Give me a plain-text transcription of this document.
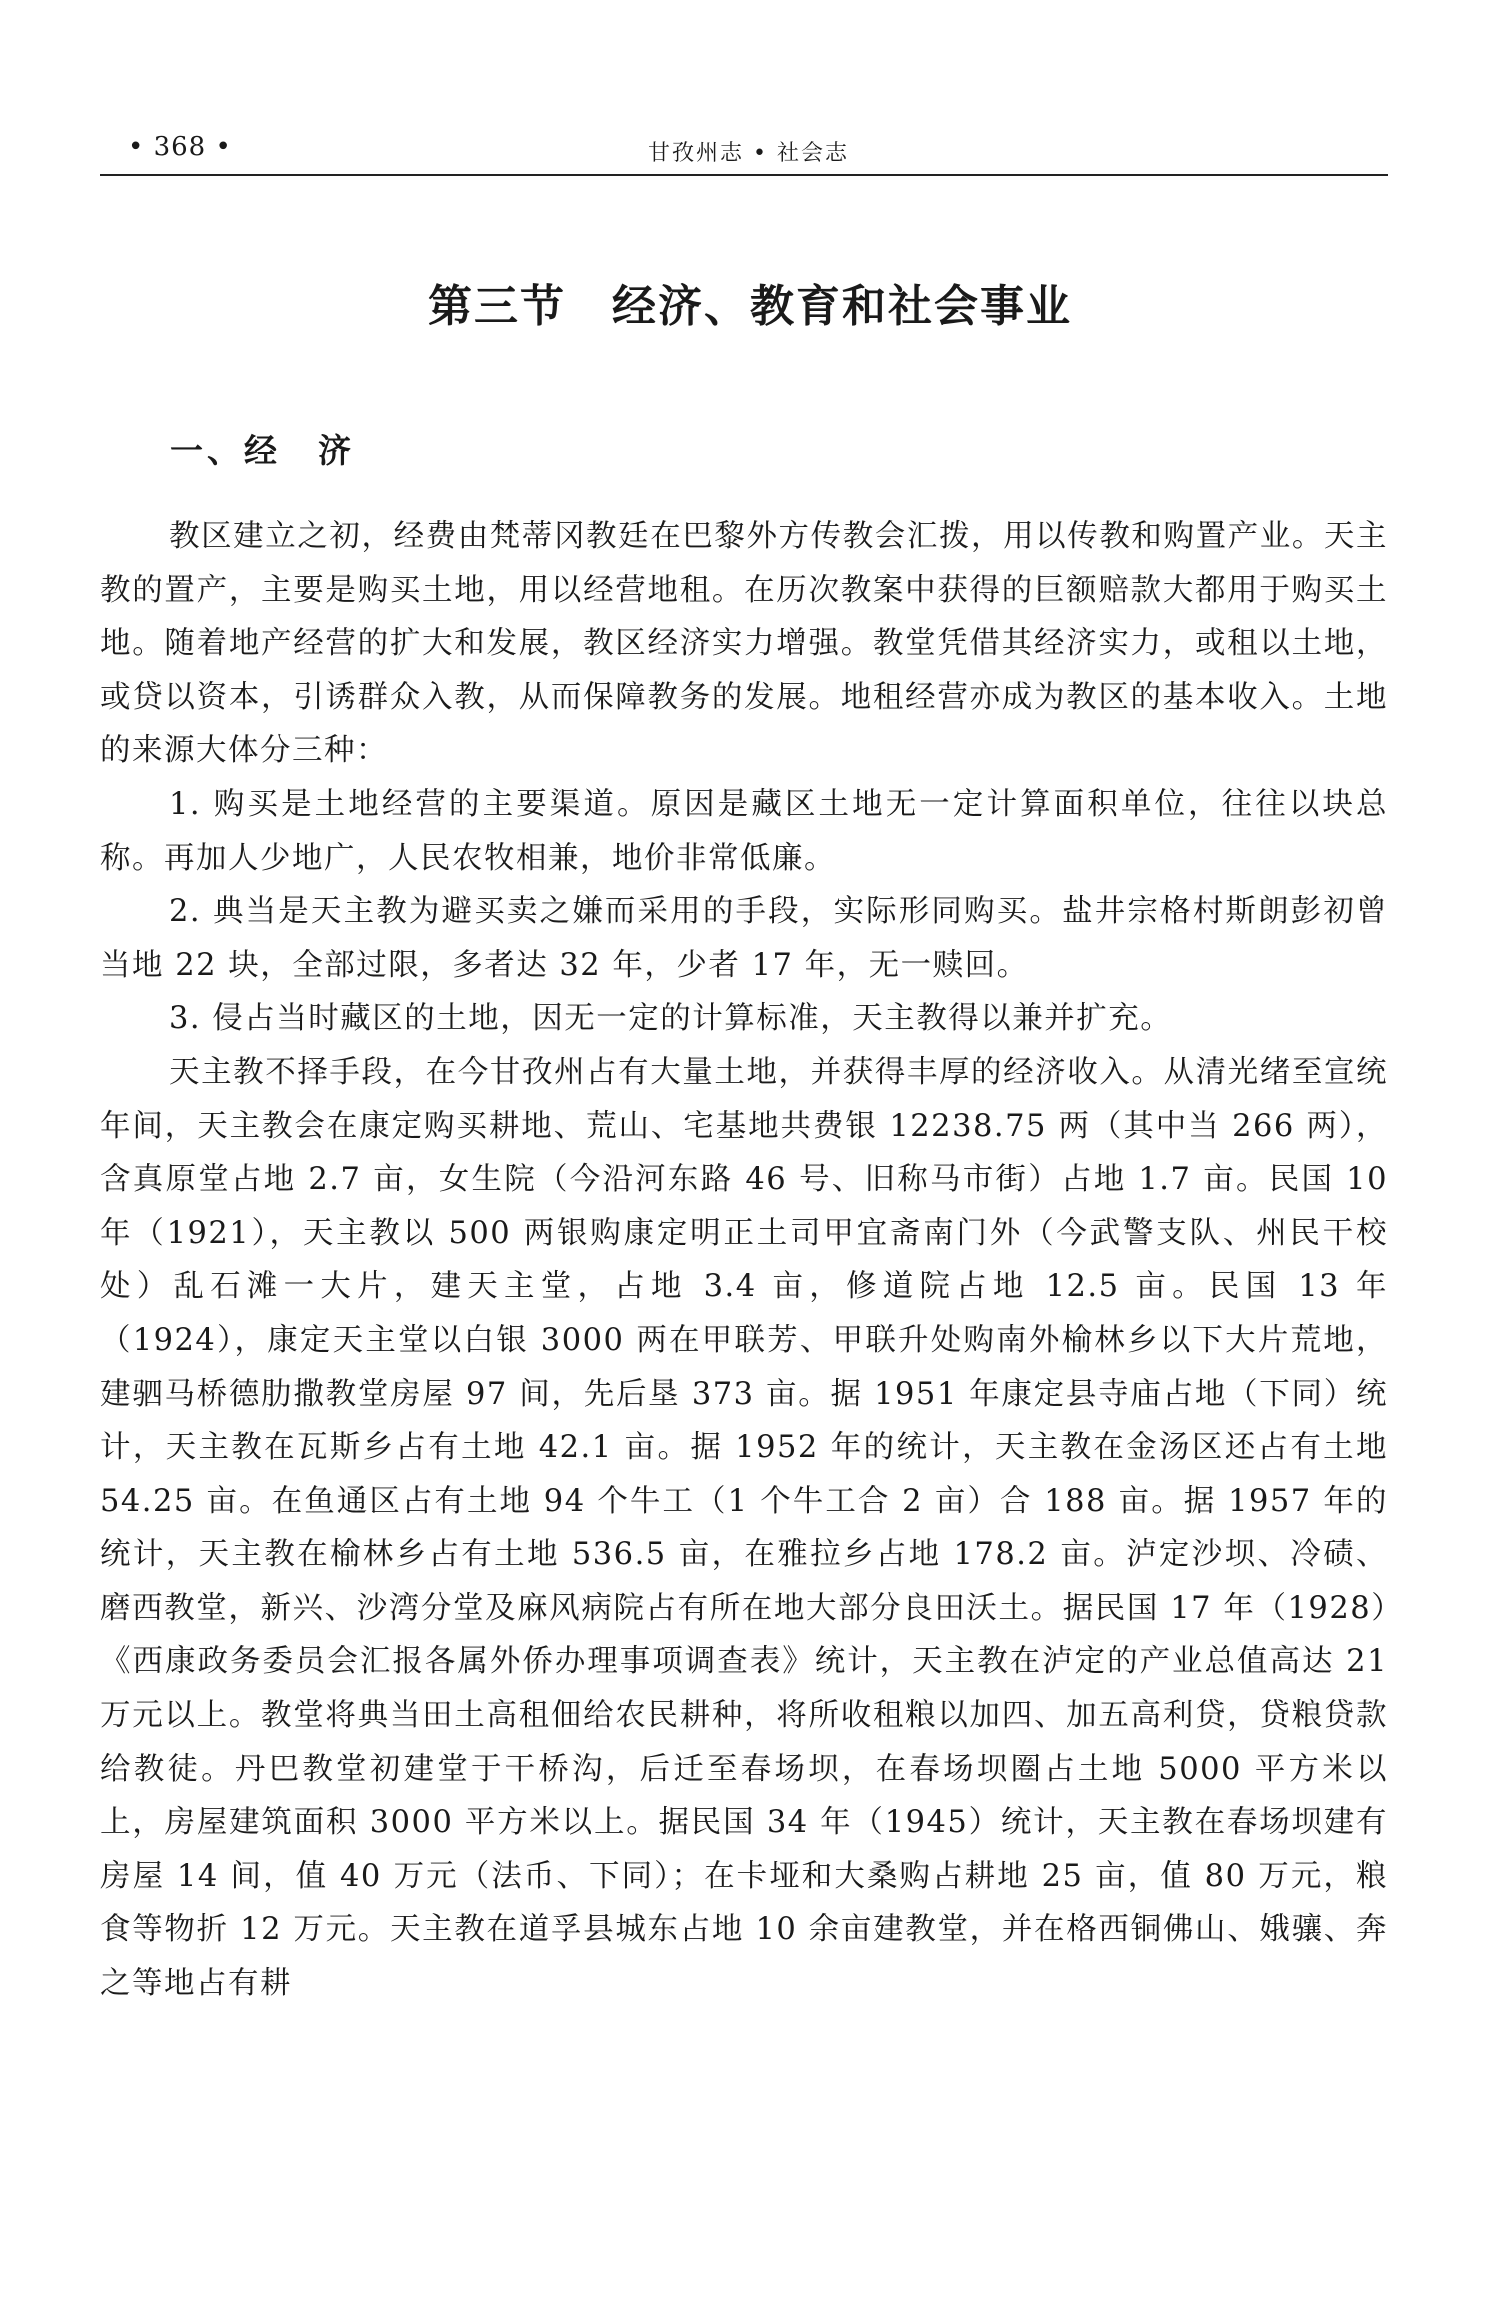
• 368 •	甘孜州志 • 社会志
第三节　经济、教育和社会事业
一、经　济

教区建立之初，经费由梵蒂冈教廷在巴黎外方传教会汇拨，用以传教和购置产业。天主教的置产，主要是购买土地，用以经营地租。在历次教案中获得的巨额赔款大都用于购买土地。随着地产经营的扩大和发展，教区经济实力增强。教堂凭借其经济实力，或租以土地，或贷以资本，引诱群众入教，从而保障教务的发展。地租经营亦成为教区的基本收入。土地的来源大体分三种：

1. 购买是土地经营的主要渠道。原因是藏区土地无一定计算面积单位，往往以块总称。再加人少地广，人民农牧相兼，地价非常低廉。

2. 典当是天主教为避买卖之嫌而采用的手段，实际形同购买。盐井宗格村斯朗彭初曾当地 22 块，全部过限，多者达 32 年，少者 17 年，无一赎回。

3. 侵占当时藏区的土地，因无一定的计算标准，天主教得以兼并扩充。

天主教不择手段，在今甘孜州占有大量土地，并获得丰厚的经济收入。从清光绪至宣统年间，天主教会在康定购买耕地、荒山、宅基地共费银 12238.75 两（其中当 266 两），含真原堂占地 2.7 亩，女生院（今沿河东路 46 号、旧称马市街）占地 1.7 亩。民国 10 年（1921），天主教以 500 两银购康定明正土司甲宜斋南门外（今武警支队、州民干校处）乱石滩一大片，建天主堂，占地 3.4 亩，修道院占地 12.5 亩。民国 13 年（1924），康定天主堂以白银 3000 两在甲联芳、甲联升处购南外榆林乡以下大片荒地，建驷马桥德肋撒教堂房屋 97 间，先后垦 373 亩。据 1951 年康定县寺庙占地（下同）统计，天主教在瓦斯乡占有土地 42.1 亩。据 1952 年的统计，天主教在金汤区还占有土地 54.25 亩。在鱼通区占有土地 94 个牛工（1 个牛工合 2 亩）合 188 亩。据 1957 年的统计，天主教在榆林乡占有土地 536.5 亩，在雅拉乡占地 178.2 亩。泸定沙坝、冷碛、磨西教堂，新兴、沙湾分堂及麻风病院占有所在地大部分良田沃土。据民国 17 年（1928）《西康政务委员会汇报各属外侨办理事项调查表》统计，天主教在泸定的产业总值高达 21 万元以上。教堂将典当田土高租佃给农民耕种，将所收租粮以加四、加五高利贷，贷粮贷款给教徒。丹巴教堂初建堂于干桥沟，后迁至春场坝，在春场坝圈占土地 5000 平方米以上，房屋建筑面积 3000 平方米以上。据民国 34 年（1945）统计，天主教在春场坝建有房屋 14 间，值 40 万元（法币、下同）；在卡垭和大桑购占耕地 25 亩，值 80 万元，粮食等物折 12 万元。天主教在道孚县城东占地 10 余亩建教堂，并在格西铜佛山、娥骧、奔之等地占有耕
